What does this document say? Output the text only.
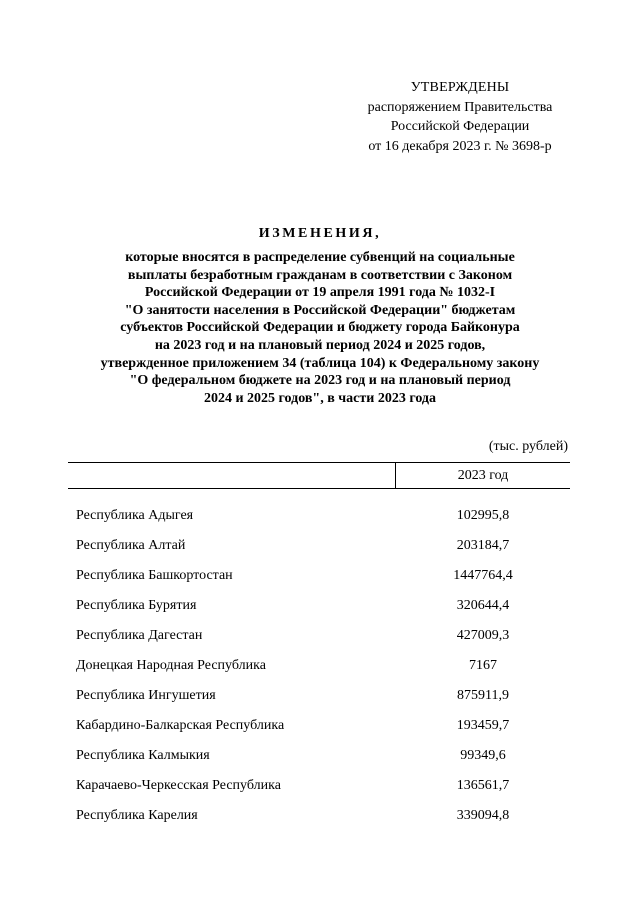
УТВЕРЖДЕНЫ
распоряжением Правительства
Российской Федерации
от 16 декабря 2023 г. № 3698-р
ИЗМЕНЕНИЯ,
которые вносятся в распределение субвенций на социальные
выплаты безработным гражданам в соответствии с Законом
Российской Федерации от 19 апреля 1991 года № 1032-I
"О занятости населения в Российской Федерации" бюджетам
субъектов Российской Федерации и бюджету города Байконура
на 2023 год и на плановый период 2024 и 2025 годов,
утвержденное приложением 34 (таблица 104) к Федеральному закону
"О федеральном бюджете на 2023 год и на плановый период
2024 и 2025 годов", в части 2023 года
(тыс. рублей)
2023 год
Республика Адыгея	102995,8
Республика Алтай	203184,7
Республика Башкортостан	1447764,4
Республика Бурятия	320644,4
Республика Дагестан	427009,3
Донецкая Народная Республика	7167
Республика Ингушетия	875911,9
Кабардино-Балкарская Республика	193459,7
Республика Калмыкия	99349,6
Карачаево-Черкесская Республика	136561,7
Республика Карелия	339094,8
